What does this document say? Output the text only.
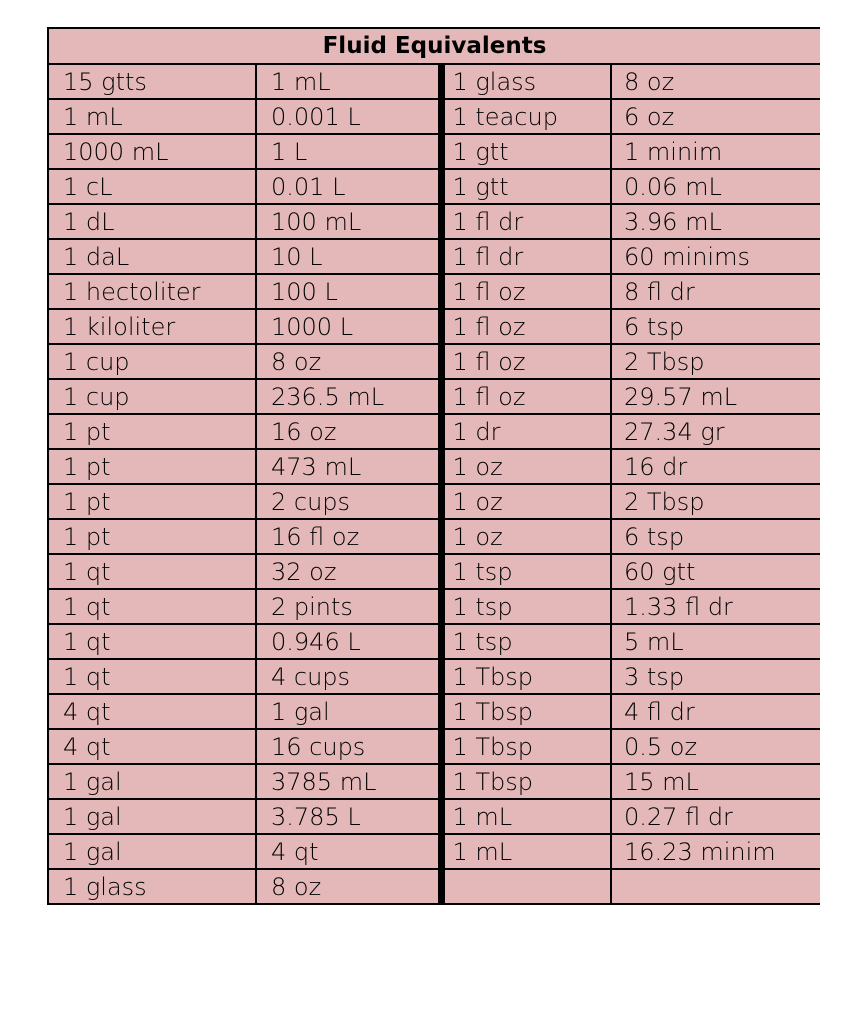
Fluid Equivalents			
15 gtts	1 mL	1 glass	8 oz
1 mL	0.001 L	1 teacup	6 oz
1000 mL	1 L	1 gtt	1 minim
1 cL	0.01 L	1 gtt	0.06 mL
1 dL	100 mL	1 fl dr	3.96 mL
1 daL	10 L	1 fl dr	60 minims
1 hectoliter	100 L	1 fl oz	8 fl dr
1 kiloliter	1000 L	1 fl oz	6 tsp
1 cup	8 oz	1 fl oz	2 Tbsp
1 cup	236.5 mL	1 fl oz	29.57 mL
1 pt	16 oz	1 dr	27.34 gr
1 pt	473 mL	1 oz	16 dr
1 pt	2 cups	1 oz	2 Tbsp
1 pt	16 fl oz	1 oz	6 tsp
1 qt	32 oz	1 tsp	60 gtt
1 qt	2 pints	1 tsp	1.33 fl dr
1 qt	0.946 L	1 tsp	5 mL
1 qt	4 cups	1 Tbsp	3 tsp
4 qt	1 gal	1 Tbsp	4 fl dr
4 qt	16 cups	1 Tbsp	0.5 oz
1 gal	3785 mL	1 Tbsp	15 mL
1 gal	3.785 L	1 mL	0.27 fl dr
1 gal	4 qt	1 mL	16.23 minim
1 glass	8 oz		
